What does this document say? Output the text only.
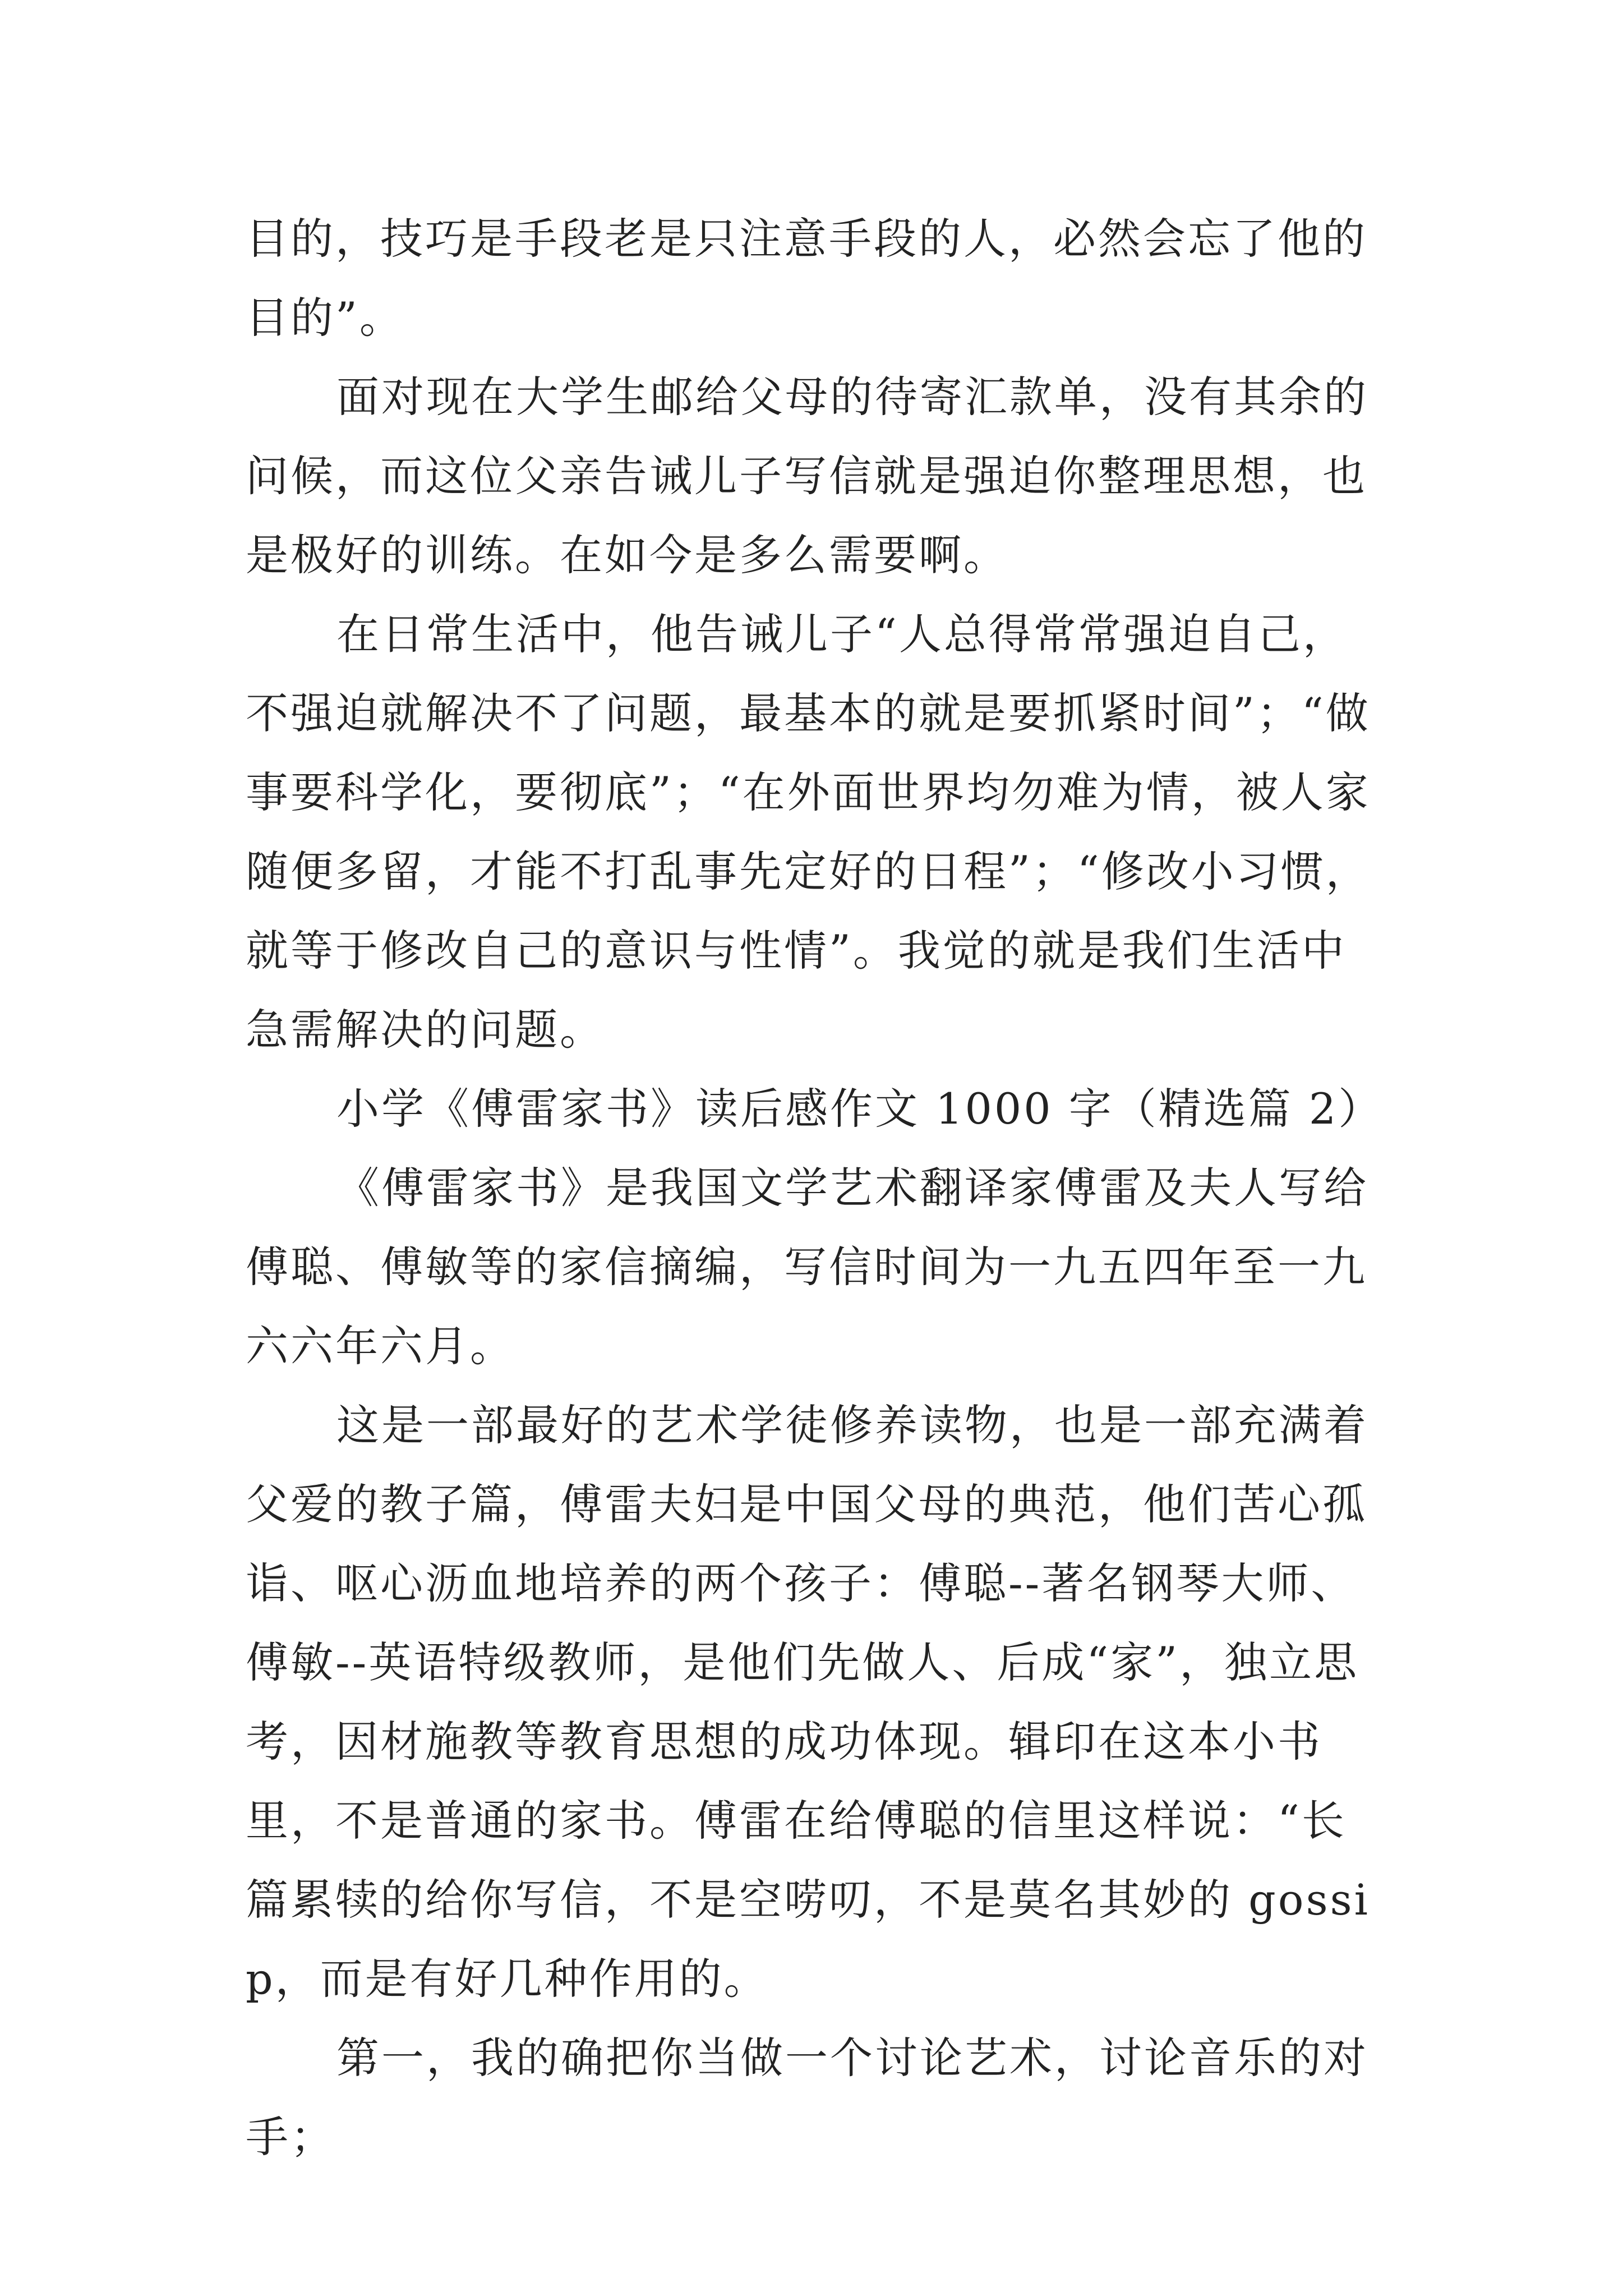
目的，技巧是手段老是只注意手段的人，必然会忘了他的目的”。

面对现在大学生邮给父母的待寄汇款单，没有其余的问候，而这位父亲告诫儿子写信就是强迫你整理思想，也是极好的训练。在如今是多么需要啊。

在日常生活中，他告诫儿子“人总得常常强迫自己，不强迫就解决不了问题，最基本的就是要抓紧时间”；“做事要科学化，要彻底”；“在外面世界均勿难为情，被人家随便多留，才能不打乱事先定好的日程”；“修改小习惯，就等于修改自己的意识与性情”。我觉的就是我们生活中急需解决的问题。

小学《傅雷家书》读后感作文 1000 字（精选篇 2）

《傅雷家书》是我国文学艺术翻译家傅雷及夫人写给傅聪、傅敏等的家信摘编，写信时间为一九五四年至一九六六年六月。

这是一部最好的艺术学徒修养读物，也是一部充满着父爱的教子篇，傅雷夫妇是中国父母的典范，他们苦心孤诣、呕心沥血地培养的两个孩子：傅聪--著名钢琴大师、傅敏--英语特级教师，是他们先做人、后成“家”，独立思考，因材施教等教育思想的成功体现。辑印在这本小书里，不是普通的家书。傅雷在给傅聪的信里这样说：“长篇累犊的给你写信，不是空唠叨，不是莫名其妙的 gossip，而是有好几种作用的。

第一，我的确把你当做一个讨论艺术，讨论音乐的对手；
